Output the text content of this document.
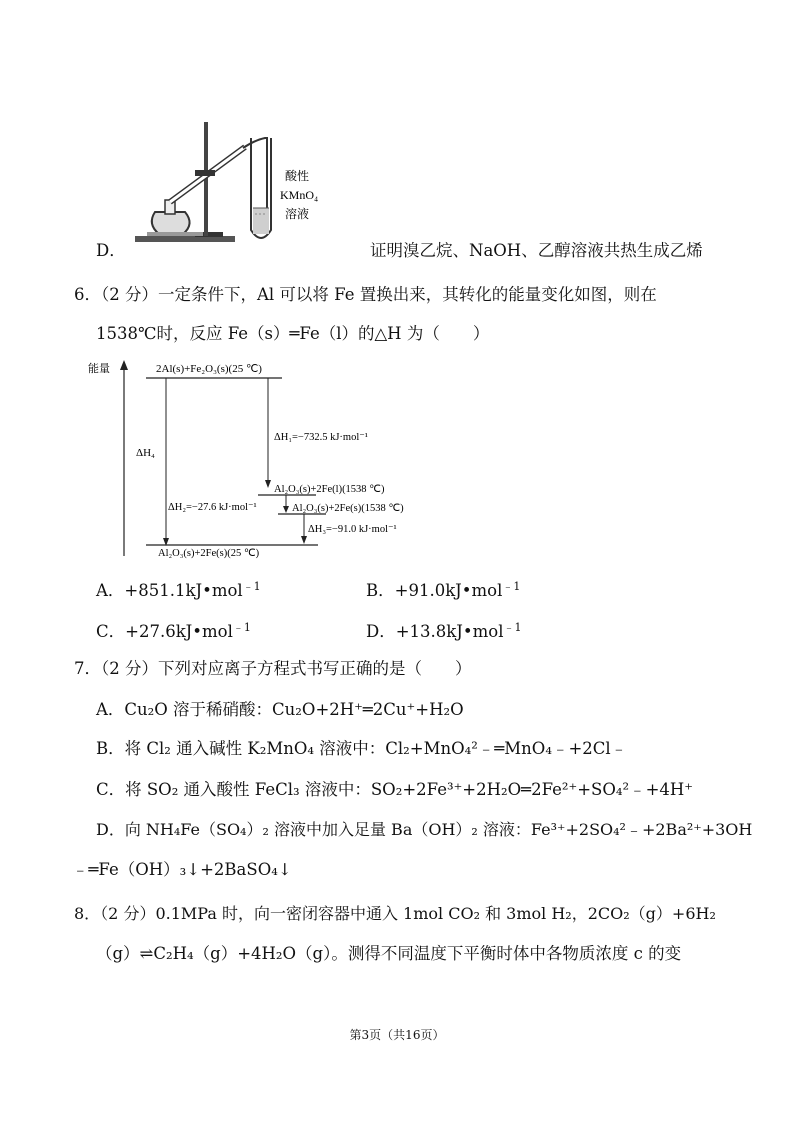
酸性
KMnO₄
溶液
D．	证明溴乙烷、NaOH、乙醇溶液共热生成乙烯
6．（2 分）一定条件下，Al 可以将 Fe 置换出来，其转化的能量变化如图，则在
1538℃时，反应 Fe（s）═Fe（l）的△H 为（　　）
能量	2Al(s)+Fe₂O₃(s)(25 ℃)
ΔH₁=−732.5 kJ·mol⁻¹
ΔH₄
Al₂O₃(s)+2Fe(l)(1538 ℃)
ΔH₂=−27.6 kJ·mol⁻¹	Al₂O₃(s)+2Fe(s)(1538 ℃)
ΔH₃=−91.0 kJ·mol⁻¹
Al₂O₃(s)+2Fe(s)(25 ℃)
A．+851.1kJ•mol$^{﹣1}$	B．+91.0kJ•mol$^{﹣1}$
C．+27.6kJ•mol$^{﹣1}$	D．+13.8kJ•mol$^{﹣1}$
7．（2 分）下列对应离子方程式书写正确的是（　　）
A．Cu₂O 溶于稀硝酸：Cu₂O+2H⁺═2Cu⁺+H₂O
B．将 Cl₂ 通入碱性 K₂MnO₄ 溶液中：Cl₂+MnO₄²﹣═MnO₄﹣+2Cl﹣
C．将 SO₂ 通入酸性 FeCl₃ 溶液中：SO₂+2Fe³⁺+2H₂O═2Fe²⁺+SO₄²﹣+4H⁺
D．向 NH₄Fe（SO₄）₂ 溶液中加入足量 Ba（OH）₂ 溶液：Fe³⁺+2SO₄²﹣+2Ba²⁺+3OH
﹣═Fe（OH）₃↓+2BaSO₄↓
8．（2 分）0.1MPa 时，向一密闭容器中通入 1mol CO₂ 和 3mol H₂，2CO₂（g）+6H₂
（g）⇌C₂H₄（g）+4H₂O（g）。测得不同温度下平衡时体中各物质浓度 c 的变
第3页（共16页）
